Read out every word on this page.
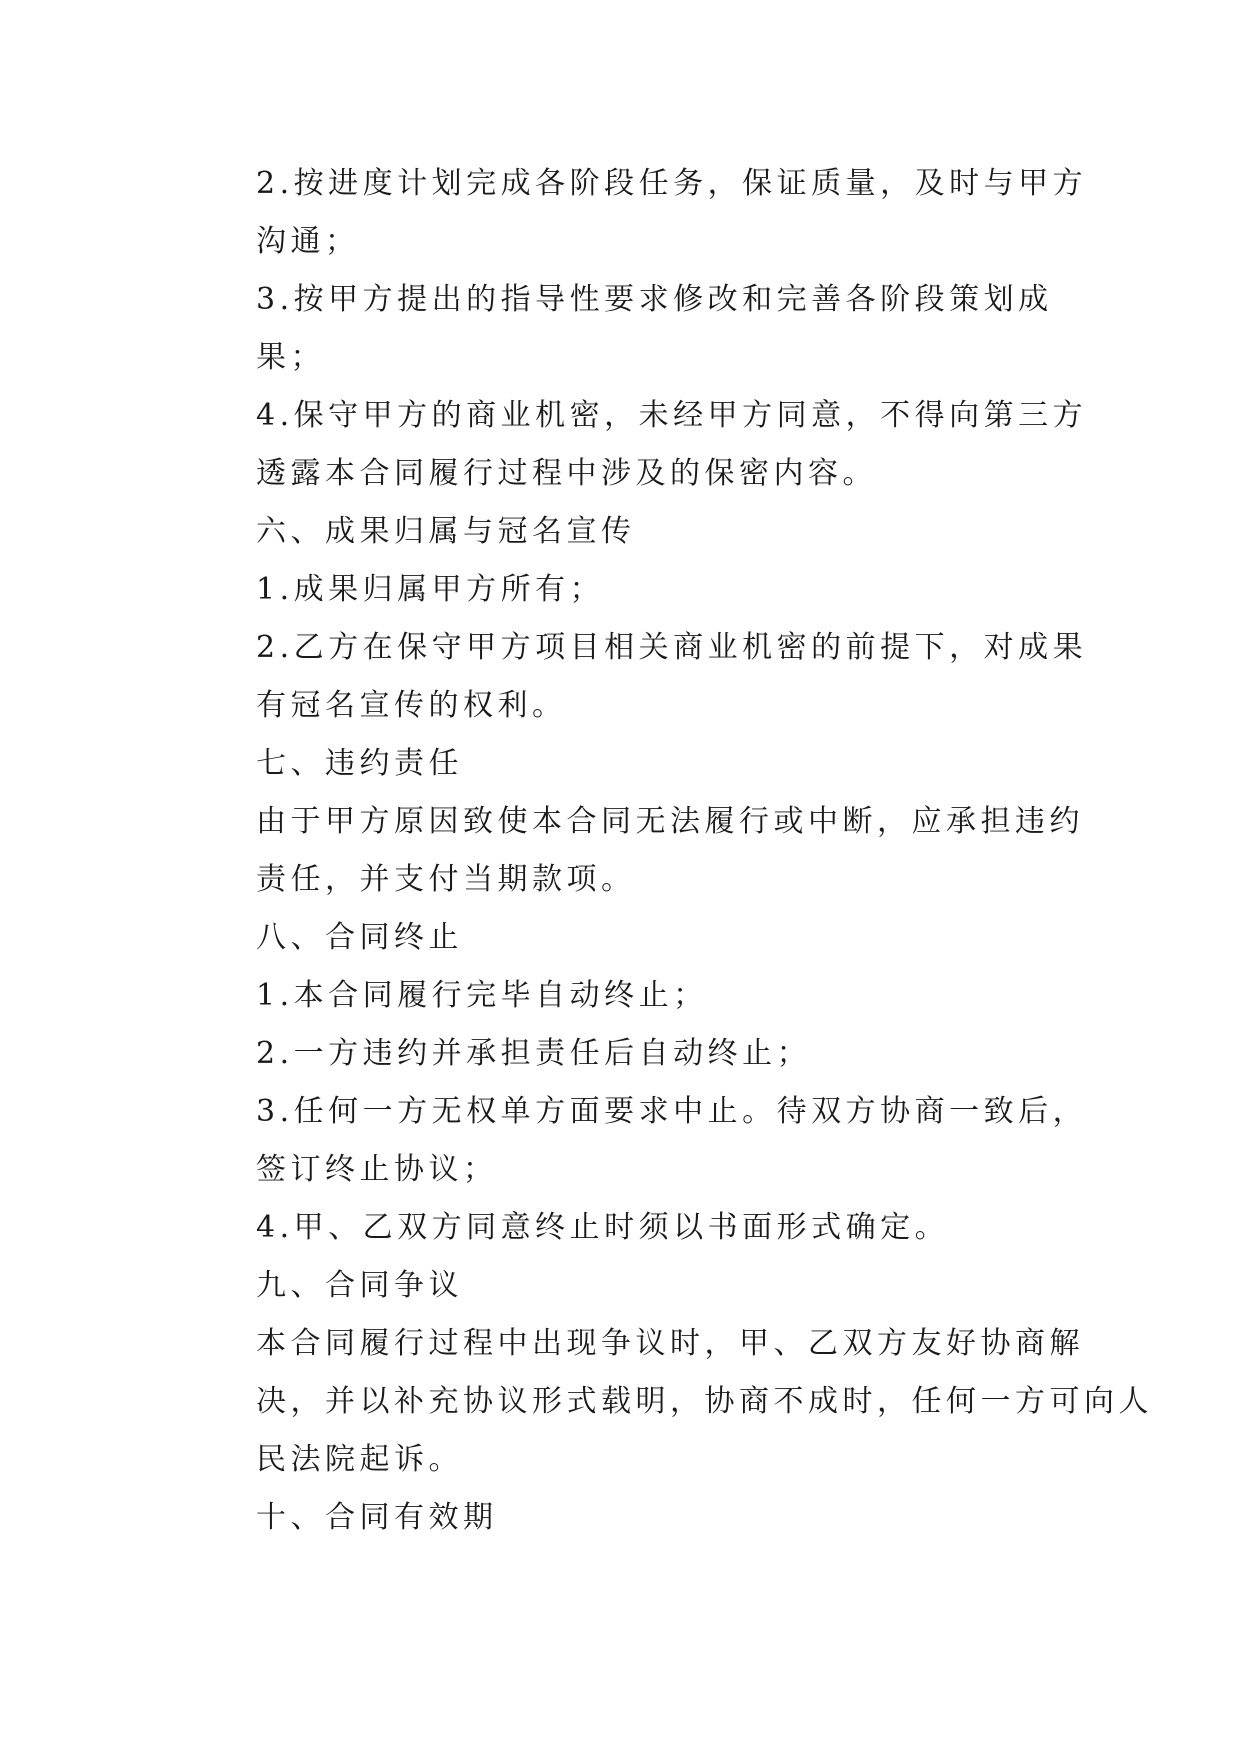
2.按进度计划完成各阶段任务，保证质量，及时与甲方
沟通；

3.按甲方提出的指导性要求修改和完善各阶段策划成
果；

4.保守甲方的商业机密，未经甲方同意，不得向第三方
透露本合同履行过程中涉及的保密内容。

六、成果归属与冠名宣传

1.成果归属甲方所有；

2.乙方在保守甲方项目相关商业机密的前提下，对成果
有冠名宣传的权利。

七、违约责任

由于甲方原因致使本合同无法履行或中断，应承担违约
责任，并支付当期款项。

八、合同终止

1.本合同履行完毕自动终止；

2.一方违约并承担责任后自动终止；

3.任何一方无权单方面要求中止。待双方协商一致后，
签订终止协议；

4.甲、乙双方同意终止时须以书面形式确定。

九、合同争议

本合同履行过程中出现争议时，甲、乙双方友好协商解
决，并以补充协议形式载明，协商不成时，任何一方可向人
民法院起诉。

十、合同有效期
